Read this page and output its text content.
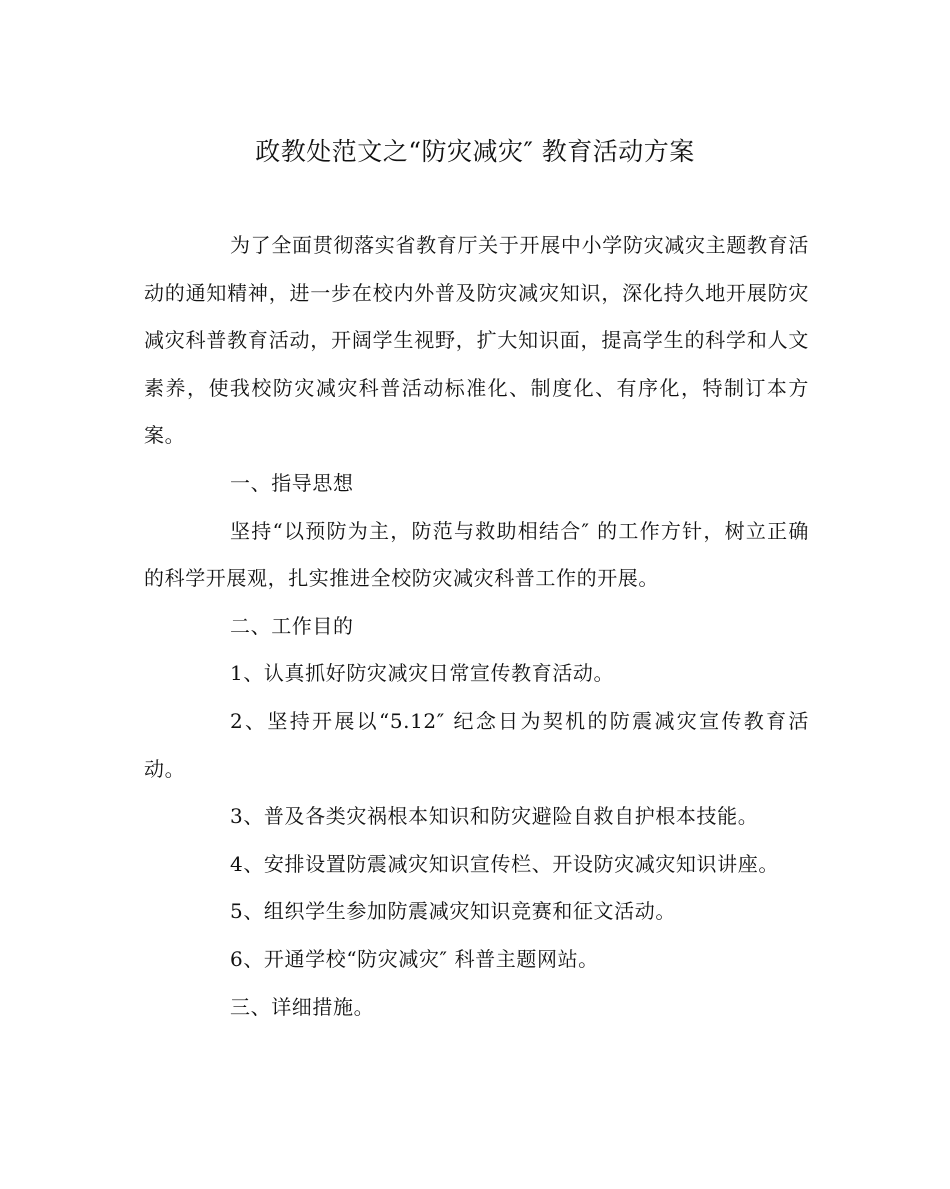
政教处范文之“防灾减灾″ 教育活动方案

为了全面贯彻落实省教育厅关于开展中小学防灾减灾主题教育活动的通知精神，进一步在校内外普及防灾减灾知识，深化持久地开展防灾减灾科普教育活动，开阔学生视野，扩大知识面，提高学生的科学和人文素养，使我校防灾减灾科普活动标准化、制度化、有序化，特制订本方案。

一、指导思想

坚持“以预防为主，防范与救助相结合″ 的工作方针，树立正确的科学开展观，扎实推进全校防灾减灾科普工作的开展。

二、工作目的

1、认真抓好防灾减灾日常宣传教育活动。

2、坚持开展以“5.12″ 纪念日为契机的防震减灾宣传教育活动。

3、普及各类灾祸根本知识和防灾避险自救自护根本技能。

4、安排设置防震减灾知识宣传栏、开设防灾减灾知识讲座。

5、组织学生参加防震减灾知识竞赛和征文活动。

6、开通学校“防灾减灾″ 科普主题网站。

三、详细措施。
